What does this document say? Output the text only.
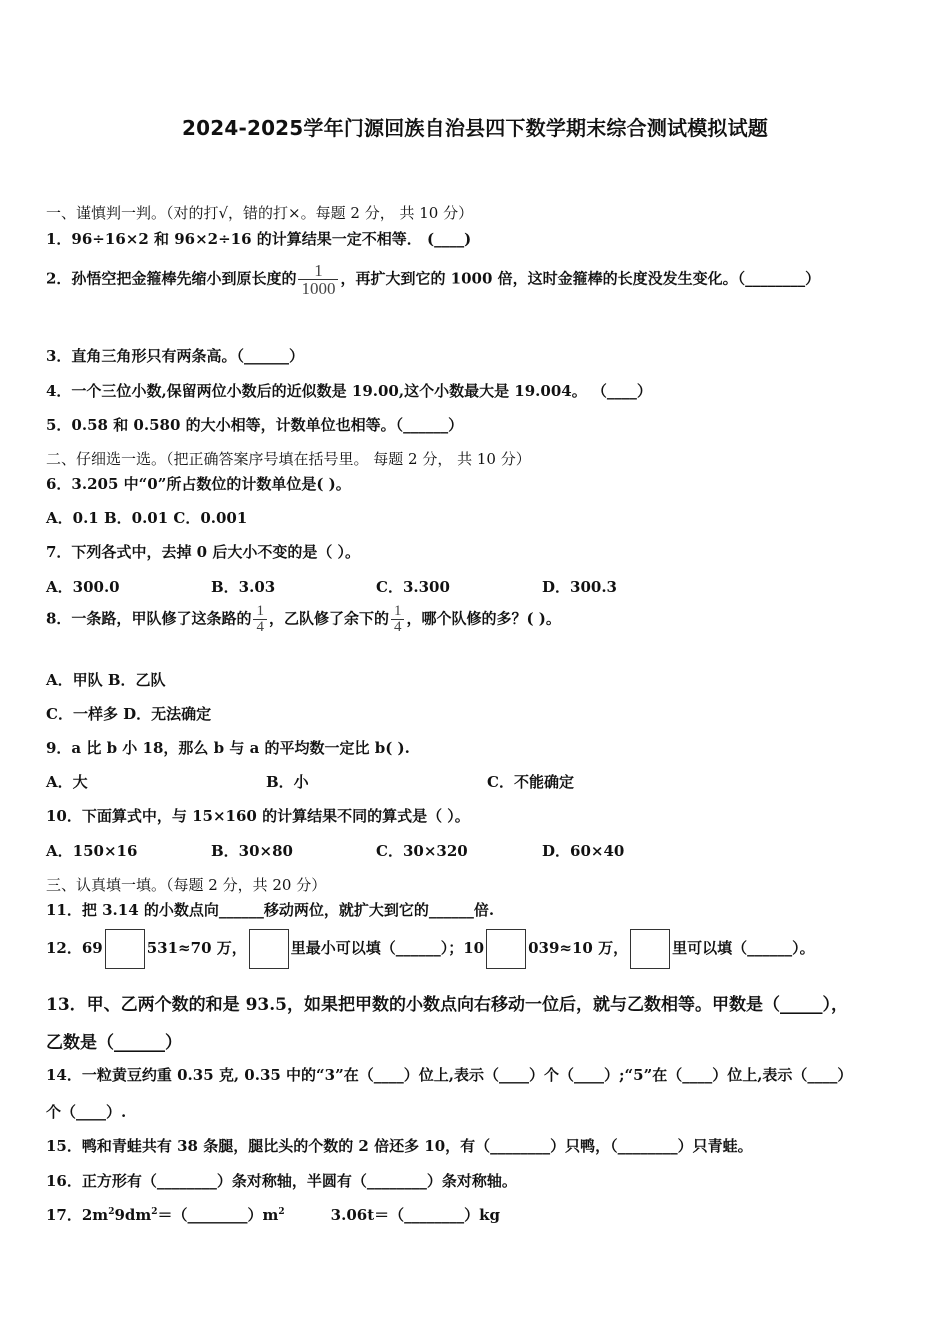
2024-2025学年门源回族自治县四下数学期末综合测试模拟试题
一、谨慎判一判。（对的打√，错的打×。每题 2 分， 共 10 分）
1．96÷16×2 和 96×2÷16 的计算结果一定不相等． (____)
2．孙悟空把金箍棒先缩小到原长度的 $\frac{1}{1000}$ ，再扩大到它的 1000 倍，这时金箍棒的长度没发生变化。（________）
3．直角三角形只有两条高。（______）
4．一个三位小数,保留两位小数后的近似数是 19.00,这个小数最大是 19.004。 （____）
5．0.58 和 0.580 的大小相等，计数单位也相等。（______）
二、仔细选一选。（把正确答案序号填在括号里。 每题 2 分， 共 10 分）
6．3.205 中“0”所占数位的计数单位是( )。
A．0.1 B．0.01 C．0.001
7．下列各式中，去掉 0 后大小不变的是（ ）。
A．300.0	B．3.03	C．3.300	D．300.3
8．一条路，甲队修了这条路的 $\frac{1}{4}$ ，乙队修了余下的 $\frac{1}{4}$ ，哪个队修的多？( )。
A．甲队 B．乙队
C．一样多 D．无法确定
9．a 比 b 小 18，那么 b 与 a 的平均数一定比 b( ).
A．大	B．小	C．不能确定
10．下面算式中，与 15×160 的计算结果不同的算式是（ ）。
A．150×16	B．30×80	C．30×320	D．60×40
三、认真填一填。（每题 2 分，共 20 分）
11．把 3.14 的小数点向______移动两位，就扩大到它的______倍.
12．69	531≈70 万，	里最小可以填（______）；10	039≈10 万，	里可以填（______）。
13．甲、乙两个数的和是 93.5，如果把甲数的小数点向右移动一位后，就与乙数相等。甲数是（_____），
乙数是（______）
14．一粒黄豆约重 0.35 克, 0.35 中的“3”在（____）位上,表示（____）个（____）;“5”在（____）位上,表示（____）
个（____）.
15．鸭和青蛙共有 38 条腿，腿比头的个数的 2 倍还多 10，有（________）只鸭，（________）只青蛙。
16．正方形有（________）条对称轴，半圆有（________）条对称轴。
17．$2m^29dm^2=(\_\_\_\_\_\_\_\_)m^2$	3.06t＝（________）kg
